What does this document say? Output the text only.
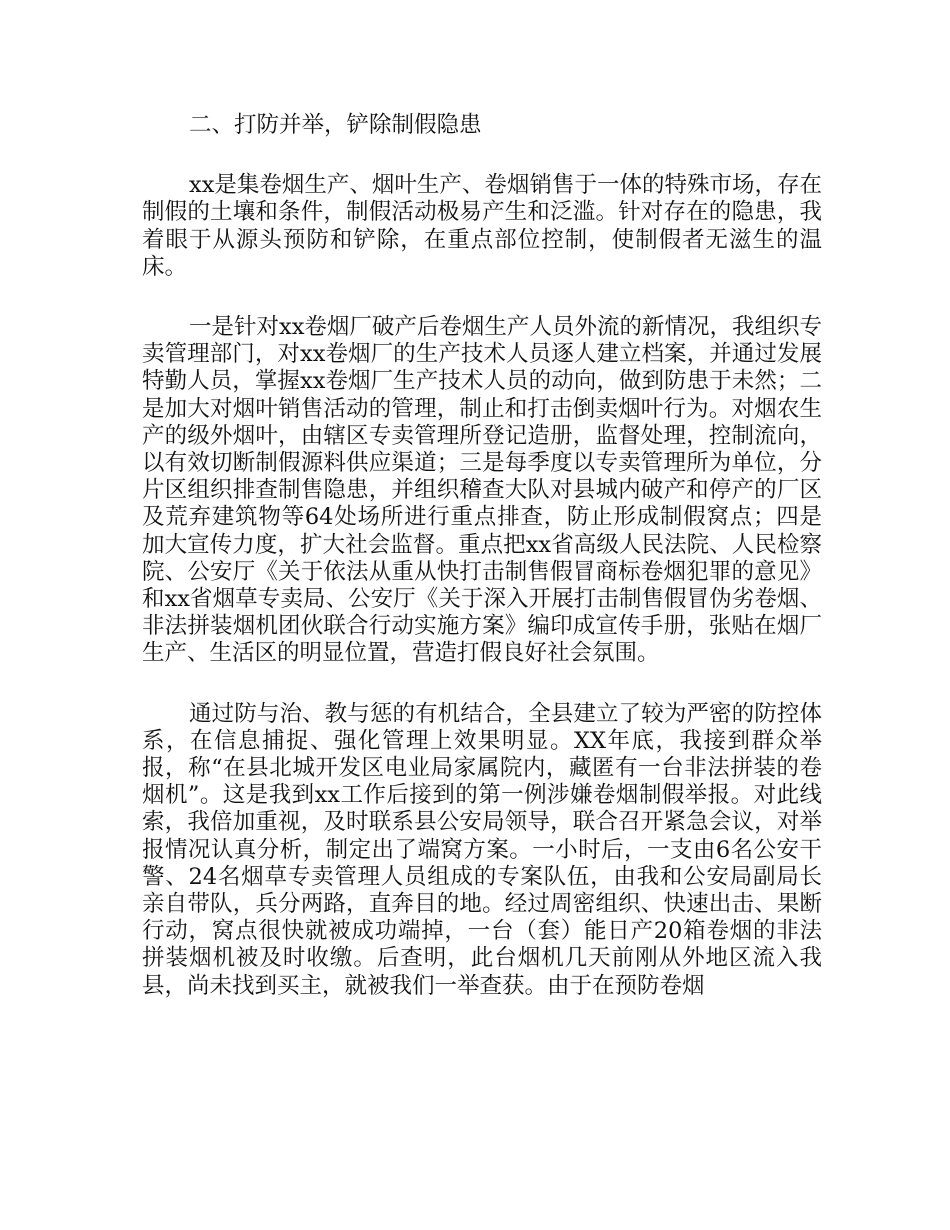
二、打防并举，铲除制假隐患

xx是集卷烟生产、烟叶生产、卷烟销售于一体的特殊市场，存在制假的土壤和条件，制假活动极易产生和泛滥。针对存在的隐患，我着眼于从源头预防和铲除，在重点部位控制，使制假者无滋生的温床。

一是针对xx卷烟厂破产后卷烟生产人员外流的新情况，我组织专卖管理部门，对xx卷烟厂的生产技术人员逐人建立档案，并通过发展特勤人员，掌握xx卷烟厂生产技术人员的动向，做到防患于未然；二是加大对烟叶销售活动的管理，制止和打击倒卖烟叶行为。对烟农生产的级外烟叶，由辖区专卖管理所登记造册，监督处理，控制流向，以有效切断制假源料供应渠道；三是每季度以专卖管理所为单位，分片区组织排查制售隐患，并组织稽查大队对县城内破产和停产的厂区及荒弃建筑物等64处场所进行重点排查，防止形成制假窝点；四是加大宣传力度，扩大社会监督。重点把xx省高级人民法院、人民检察院、公安厅《关于依法从重从快打击制售假冒商标卷烟犯罪的意见》和xx省烟草专卖局、公安厅《关于深入开展打击制售假冒伪劣卷烟、非法拼装烟机团伙联合行动实施方案》编印成宣传手册，张贴在烟厂生产、生活区的明显位置，营造打假良好社会氛围。

通过防与治、教与惩的有机结合，全县建立了较为严密的防控体系，在信息捕捉、强化管理上效果明显。XX年底，我接到群众举报，称“在县北城开发区电业局家属院内，藏匿有一台非法拼装的卷烟机”。这是我到xx工作后接到的第一例涉嫌卷烟制假举报。对此线索，我倍加重视，及时联系县公安局领导，联合召开紧急会议，对举报情况认真分析，制定出了端窝方案。一小时后，一支由6名公安干警、24名烟草专卖管理人员组成的专案队伍，由我和公安局副局长亲自带队，兵分两路，直奔目的地。经过周密组织、快速出击、果断行动，窝点很快就被成功端掉，一台（套）能日产20箱卷烟的非法拼装烟机被及时收缴。后查明，此台烟机几天前刚从外地区流入我县，尚未找到买主，就被我们一举查获。由于在预防卷烟
